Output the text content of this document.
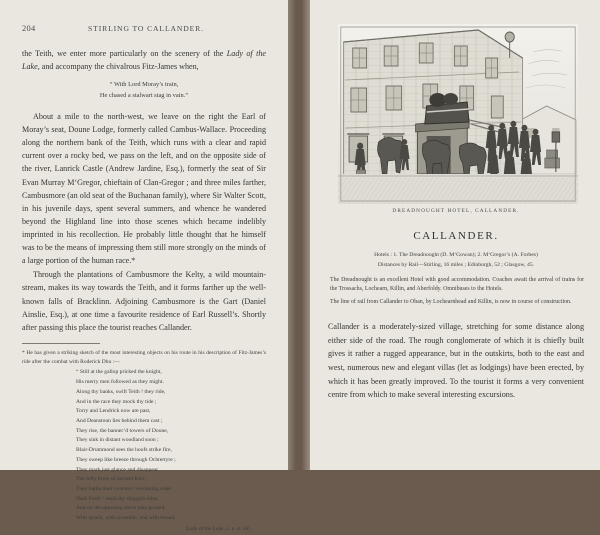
204	STIRLING TO CALLANDER.

the Teith, we enter more particularly on the scenery of the Lady of the Lake, and accompany the chivalrous Fitz-James when,

“ With Lord Moray’s train,
He chased a stalwart stag in vain.”

About a mile to the north-west, we leave on the right the Earl of Moray’s seat, Doune Lodge, formerly called Cambus-Wallace. Proceeding along the northern bank of the Teith, which runs with a clear and rapid current over a rocky bed, we pass on the left, and on the opposite side of the river, Lanrick Castle (Andrew Jardine, Esq.), formerly the seat of Sir Evan Murray M‘Gregor, chieftain of Clan-Gregor ; and three miles farther, Cambusmore (an old seat of the Buchanan family), where Sir Walter Scott, in his juvenile days, spent several summers, and whence he wandered beyond the Highland line into those scenes which became indelibly imprinted in his recollection. He probably little thought that he himself was to be the means of impressing them still more strongly on the minds of a large portion of the human race.*

Through the plantations of Cambusmore the Kelty, a wild mountain-stream, makes its way towards the Teith, and it forms farther up the well-known falls of Bracklinn. Adjoining Cambusmore is the Gart (Daniel Ainslie, Esq.), at one time a favourite residence of Earl Russell’s. Shortly after passing this place the tourist reaches Callander.

* He has given a striking sketch of the most interesting objects on his route in his description of Fitz-James’s ride after the combat with Roderick Dhu :—

“ Still at the gallop pricked the knight,
His merry men followed as they might.
Along thy banks, swift Teith ! they ride,
And in the race they mock thy tide ;
Torry and Lendrick now are past,
And Deanstoun lies behind them cast ;
They rise, the banner’d towers of Doune,
They sink in distant woodland soon ;
Blair-Drummond sees the hoofs strike fire,
They sweep like breeze through Ochtertyre ;
They mark just glance and disappear
The lofty brow of ancient Keir ;
They bathe their coursers’ sweltering sides
Dark Forth ! amid thy sluggish tides,
And on the opposing shore take ground,
With splash, with scramble, and with bound.
Lady of the Lake, c. v. st. 18.
DREADNOUGHT HOTEL, CALLANDER.
CALLANDER.
Hotels : 1. The Dreadnought (D. M‘Gowan); 2. M‘Gregor’s (A. Forbes)
Distances by Rail—Stirling, 16 miles ; Edinburgh, 52 ; Glasgow, 45.

The Dreadnought is an excellent Hotel with good accommodation. Coaches await the arrival of trains for the Trossachs, Lochearn, Killin, and Aberfoldy. Omnibuses to the Hotels.

The line of rail from Callander to Oban, by Lochearnhead and Killin, is now in course of construction.

Callander is a moderately-sized village, stretching for some distance along either side of the road. The rough conglomerate of which it is chiefly built gives it rather a rugged appearance, but in the outskirts, both to the east and west, numerous new and elegant villas (let as lodgings) have been erected, by which it has been greatly improved. To the tourist it forms a very convenient centre from which to make several interesting excursions.
